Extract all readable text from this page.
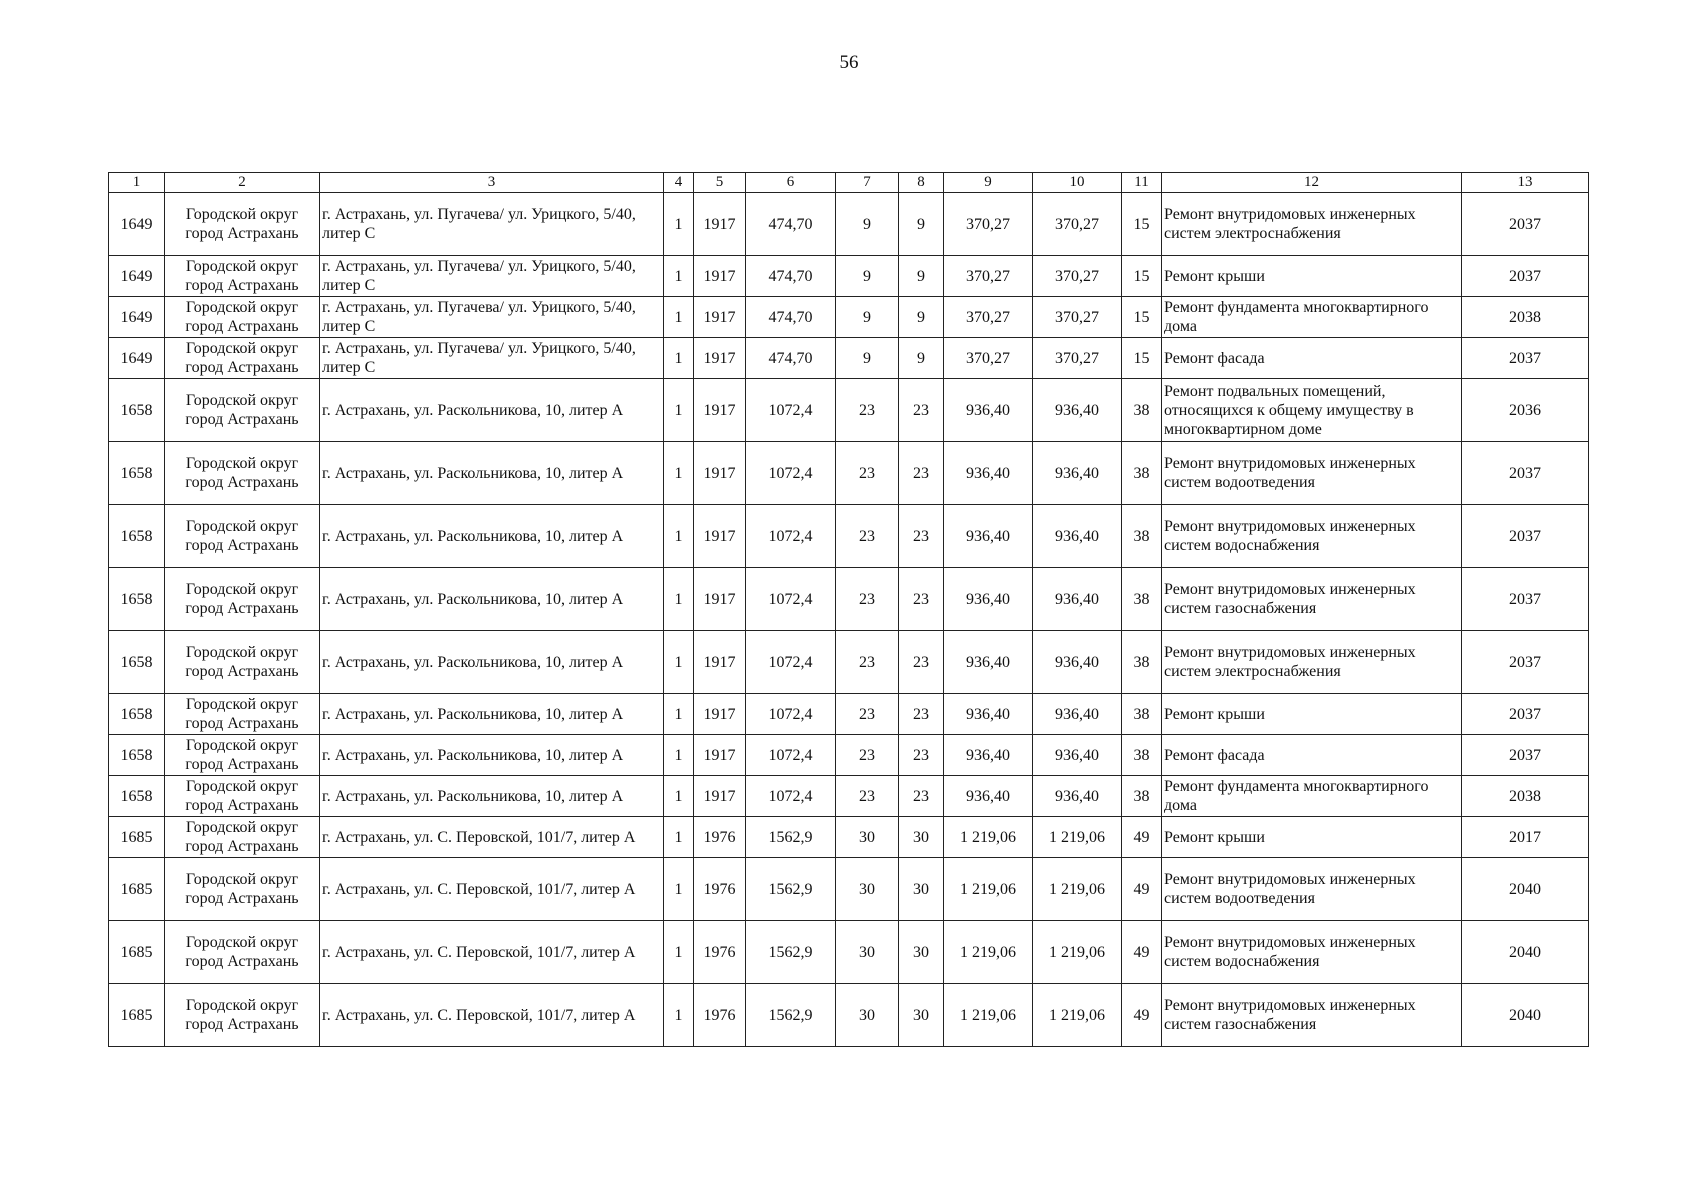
56
1	2	3	4	5	6	7	8	9	10	11	12	13
1649	Городской округ город Астрахань	г. Астрахань, ул. Пугачева/ ул. Урицкого, 5/40, литер С	1	1917	474,70	9	9	370,27	370,27	15	Ремонт внутридомовых инженерных систем электроснабжения	2037
1649	Городской округ город Астрахань	г. Астрахань, ул. Пугачева/ ул. Урицкого, 5/40, литер С	1	1917	474,70	9	9	370,27	370,27	15	Ремонт крыши	2037
1649	Городской округ город Астрахань	г. Астрахань, ул. Пугачева/ ул. Урицкого, 5/40, литер С	1	1917	474,70	9	9	370,27	370,27	15	Ремонт фундамента многоквартирного дома	2038
1649	Городской округ город Астрахань	г. Астрахань, ул. Пугачева/ ул. Урицкого, 5/40, литер С	1	1917	474,70	9	9	370,27	370,27	15	Ремонт фасада	2037
1658	Городской округ город Астрахань	г. Астрахань, ул. Раскольникова, 10, литер А	1	1917	1072,4	23	23	936,40	936,40	38	Ремонт подвальных помещений, относящихся к общему имуществу в многоквартирном доме	2036
1658	Городской округ город Астрахань	г. Астрахань, ул. Раскольникова, 10, литер А	1	1917	1072,4	23	23	936,40	936,40	38	Ремонт внутридомовых инженерных систем водоотведения	2037
1658	Городской округ город Астрахань	г. Астрахань, ул. Раскольникова, 10, литер А	1	1917	1072,4	23	23	936,40	936,40	38	Ремонт внутридомовых инженерных систем водоснабжения	2037
1658	Городской округ город Астрахань	г. Астрахань, ул. Раскольникова, 10, литер А	1	1917	1072,4	23	23	936,40	936,40	38	Ремонт внутридомовых инженерных систем газоснабжения	2037
1658	Городской округ город Астрахань	г. Астрахань, ул. Раскольникова, 10, литер А	1	1917	1072,4	23	23	936,40	936,40	38	Ремонт внутридомовых инженерных систем электроснабжения	2037
1658	Городской округ город Астрахань	г. Астрахань, ул. Раскольникова, 10, литер А	1	1917	1072,4	23	23	936,40	936,40	38	Ремонт крыши	2037
1658	Городской округ город Астрахань	г. Астрахань, ул. Раскольникова, 10, литер А	1	1917	1072,4	23	23	936,40	936,40	38	Ремонт фасада	2037
1658	Городской округ город Астрахань	г. Астрахань, ул. Раскольникова, 10, литер А	1	1917	1072,4	23	23	936,40	936,40	38	Ремонт фундамента многоквартирного дома	2038
1685	Городской округ город Астрахань	г. Астрахань, ул. С. Перовской, 101/7, литер А	1	1976	1562,9	30	30	1 219,06	1 219,06	49	Ремонт крыши	2017
1685	Городской округ город Астрахань	г. Астрахань, ул. С. Перовской, 101/7, литер А	1	1976	1562,9	30	30	1 219,06	1 219,06	49	Ремонт внутридомовых инженерных систем водоотведения	2040
1685	Городской округ город Астрахань	г. Астрахань, ул. С. Перовской, 101/7, литер А	1	1976	1562,9	30	30	1 219,06	1 219,06	49	Ремонт внутридомовых инженерных систем водоснабжения	2040
1685	Городской округ город Астрахань	г. Астрахань, ул. С. Перовской, 101/7, литер А	1	1976	1562,9	30	30	1 219,06	1 219,06	49	Ремонт внутридомовых инженерных систем газоснабжения	2040
